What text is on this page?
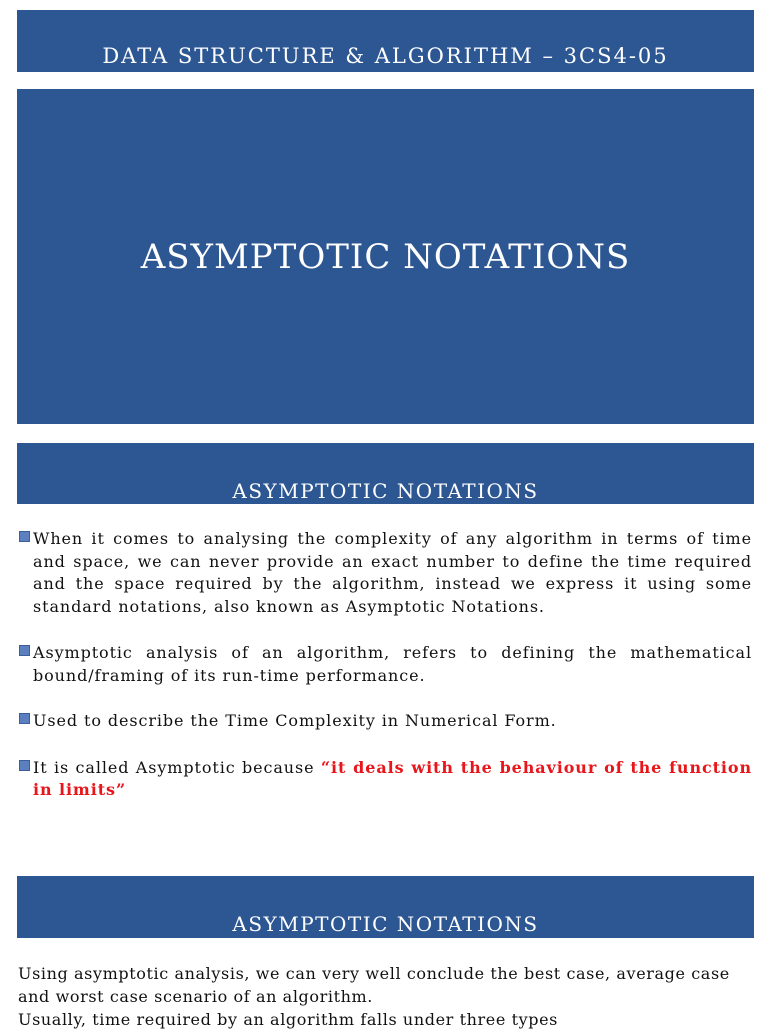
DATA STRUCTURE & ALGORITHM – 3CS4-05
ASYMPTOTIC NOTATIONS
ASYMPTOTIC NOTATIONS
When it comes to analysing the complexity of any algorithm in terms of time and space, we can never provide an exact number to define the time required and the space required by the algorithm, instead we express it using some standard notations, also known as Asymptotic Notations.
Asymptotic analysis of an algorithm, refers to defining the mathematical bound/framing of its run-time performance.
Used to describe the Time Complexity in Numerical Form.
It is called Asymptotic because “it deals with the behaviour of the function in limits”
ASYMPTOTIC NOTATIONS
Using asymptotic analysis, we can very well conclude the best case, average case and worst case scenario of an algorithm.
Usually, time required by an algorithm falls under three types
